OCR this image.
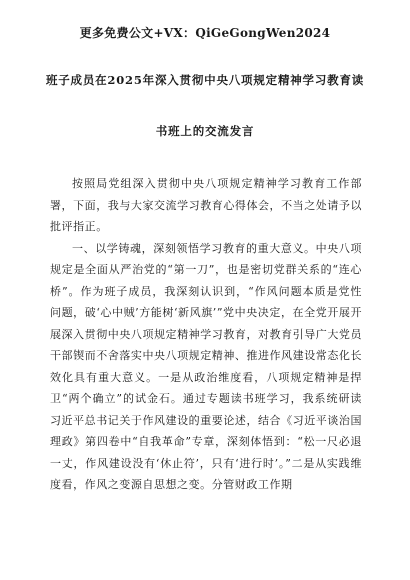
更多免费公文+VX：QiGeGongWen2024
班子成员在2025年深入贯彻中央八项规定精神学习教育读
书班上的交流发言

按照局党组深入贯彻中央八项规定精神学习教育工作部署，下面，我与大家交流学习教育心得体会，不当之处请予以批评指正。

一、以学铸魂，深刻领悟学习教育的重大意义。中央八项规定是全面从严治党的“第一刀”，也是密切党群关系的“连心桥”。作为班子成员，我深刻认识到，“作风问题本质是党性问题，破‘心中贼’方能树‘新风旗’”党中央决定，在全党开展开展深入贯彻中央八项规定精神学习教育，对教育引导广大党员干部锲而不舍落实中央八项规定精神、推进作风建设常态化长效化具有重大意义。一是从政治维度看，八项规定精神是捍卫“两个确立”的试金石。通过专题读书班学习，我系统研读习近平总书记关于作风建设的重要论述，结合《习近平谈治国理政》第四卷中“自我革命”专章，深刻体悟到：“松一尺必退一丈，作风建设没有‘休止符’，只有‘进行时’。”二是从实践维度看，作风之变源自思想之变。分管财政工作期
